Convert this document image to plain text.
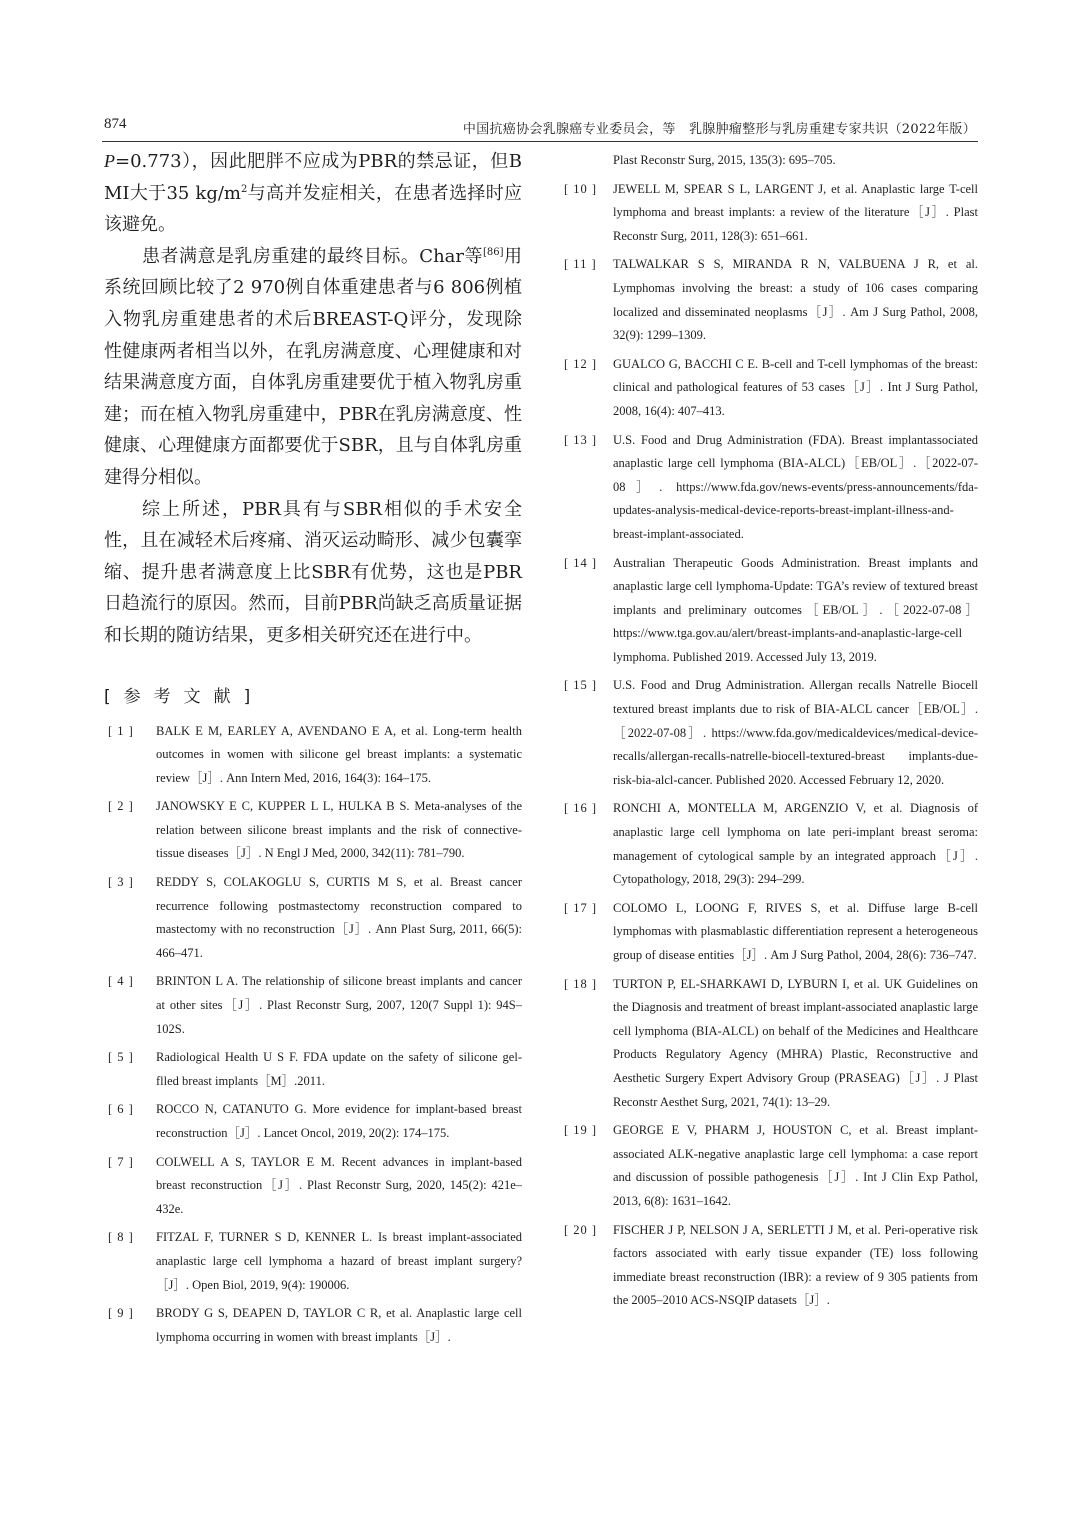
874	中国抗癌协会乳腺癌专业委员会，等　乳腺肿瘤整形与乳房重建专家共识（2022年版）

P=0.773），因此肥胖不应成为PBR的禁忌证，但BMI大于35 $kg/m^2$与高并发症相关，在患者选择时应该避免。

患者满意是乳房重建的最终目标。Char等[86]用系统回顾比较了2 970例自体重建患者与6 806例植入物乳房重建患者的术后BREAST-Q评分，发现除性健康两者相当以外，在乳房满意度、心理健康和对结果满意度方面，自体乳房重建要优于植入物乳房重建；而在植入物乳房重建中，PBR在乳房满意度、性健康、心理健康方面都要优于SBR，且与自体乳房重建得分相似。

综上所述，PBR具有与SBR相似的手术安全性，且在减轻术后疼痛、消灭运动畸形、减少包囊挛缩、提升患者满意度上比SBR有优势，这也是PBR日趋流行的原因。然而，目前PBR尚缺乏高质量证据和长期的随访结果，更多相关研究还在进行中。

[参考文献]

[ 1 ] BALK E M, EARLEY A, AVENDANO E A, et al. Long-term health outcomes in women with silicone gel breast implants: a systematic review［J］. Ann Intern Med, 2016, 164(3): 164–175.

[ 2 ] JANOWSKY E C, KUPPER L L, HULKA B S. Meta-analyses of the relation between silicone breast implants and the risk of connective-tissue diseases［J］. N Engl J Med, 2000, 342(11): 781–790.

[ 3 ] REDDY S, COLAKOGLU S, CURTIS M S, et al. Breast cancer recurrence following postmastectomy reconstruction compared to mastectomy with no reconstruction［J］. Ann Plast Surg, 2011, 66(5): 466–471.

[ 4 ] BRINTON L A. The relationship of silicone breast implants and cancer at other sites［J］. Plast Reconstr Surg, 2007, 120(7 Suppl 1): 94S–102S.

[ 5 ] Radiological Health U S F. FDA update on the safety of silicone gel-flled breast implants［M］.2011.

[ 6 ] ROCCO N, CATANUTO G. More evidence for implant-based breast reconstruction［J］. Lancet Oncol, 2019, 20(2): 174–175.

[ 7 ] COLWELL A S, TAYLOR E M. Recent advances in implant-based breast reconstruction［J］. Plast Reconstr Surg, 2020, 145(2): 421e–432e.

[ 8 ] FITZAL F, TURNER S D, KENNER L. Is breast implant-associated anaplastic large cell lymphoma a hazard of breast implant surgery?［J］. Open Biol, 2019, 9(4): 190006.

[ 9 ] BRODY G S, DEAPEN D, TAYLOR C R, et al. Anaplastic large cell lymphoma occurring in women with breast implants［J］.

Plast Reconstr Surg, 2015, 135(3): 695–705.

[ 10 ] JEWELL M, SPEAR S L, LARGENT J, et al. Anaplastic large T-cell lymphoma and breast implants: a review of the literature［J］. Plast Reconstr Surg, 2011, 128(3): 651–661.

[ 11 ] TALWALKAR S S, MIRANDA R N, VALBUENA J R, et al. Lymphomas involving the breast: a study of 106 cases comparing localized and disseminated neoplasms［J］. Am J Surg Pathol, 2008, 32(9): 1299–1309.

[ 12 ] GUALCO G, BACCHI C E. B-cell and T-cell lymphomas of the breast: clinical and pathological features of 53 cases［J］. Int J Surg Pathol, 2008, 16(4): 407–413.

[ 13 ] U.S. Food and Drug Administration (FDA). Breast implantassociated anaplastic large cell lymphoma (BIA-ALCL)［EB/OL］.［2022-07-08］. https://www.fda.gov/news-events/press-announcements/fda-updates-analysis-medical-device-reports-breast-implant-illness-and-breast-implant-associated.

[ 14 ] Australian Therapeutic Goods Administration. Breast implants and anaplastic large cell lymphoma-Update: TGA’s review of textured breast implants and preliminary outcomes［EB/OL］.［2022-07-08］ https://www.tga.gov.au/alert/breast-implants-and-anaplastic-large-cell lymphoma. Published 2019. Accessed July 13, 2019.

[ 15 ] U.S. Food and Drug Administration. Allergan recalls Natrelle Biocell textured breast implants due to risk of BIA-ALCL cancer［EB/OL］.［2022-07-08］. https://www.fda.gov/medicaldevices/medical-device-recalls/allergan-recalls-natrelle-biocell-textured-breast implants-due-risk-bia-alcl-cancer. Published 2020. Accessed February 12, 2020.

[ 16 ] RONCHI A, MONTELLA M, ARGENZIO V, et al. Diagnosis of anaplastic large cell lymphoma on late peri-implant breast seroma: management of cytological sample by an integrated approach［J］. Cytopathology, 2018, 29(3): 294–299.

[ 17 ] COLOMO L, LOONG F, RIVES S, et al. Diffuse large B-cell lymphomas with plasmablastic differentiation represent a heterogeneous group of disease entities［J］. Am J Surg Pathol, 2004, 28(6): 736–747.

[ 18 ] TURTON P, EL-SHARKAWI D, LYBURN I, et al. UK Guidelines on the Diagnosis and treatment of breast implant-associated anaplastic large cell lymphoma (BIA-ALCL) on behalf of the Medicines and Healthcare Products Regulatory Agency (MHRA) Plastic, Reconstructive and Aesthetic Surgery Expert Advisory Group (PRASEAG)［J］. J Plast Reconstr Aesthet Surg, 2021, 74(1): 13–29.

[ 19 ] GEORGE E V, PHARM J, HOUSTON C, et al. Breast implant-associated ALK-negative anaplastic large cell lymphoma: a case report and discussion of possible pathogenesis［J］. Int J Clin Exp Pathol, 2013, 6(8): 1631–1642.

[ 20 ] FISCHER J P, NELSON J A, SERLETTI J M, et al. Peri-operative risk factors associated with early tissue expander (TE) loss following immediate breast reconstruction (IBR): a review of 9 305 patients from the 2005–2010 ACS-NSQIP datasets［J］.
